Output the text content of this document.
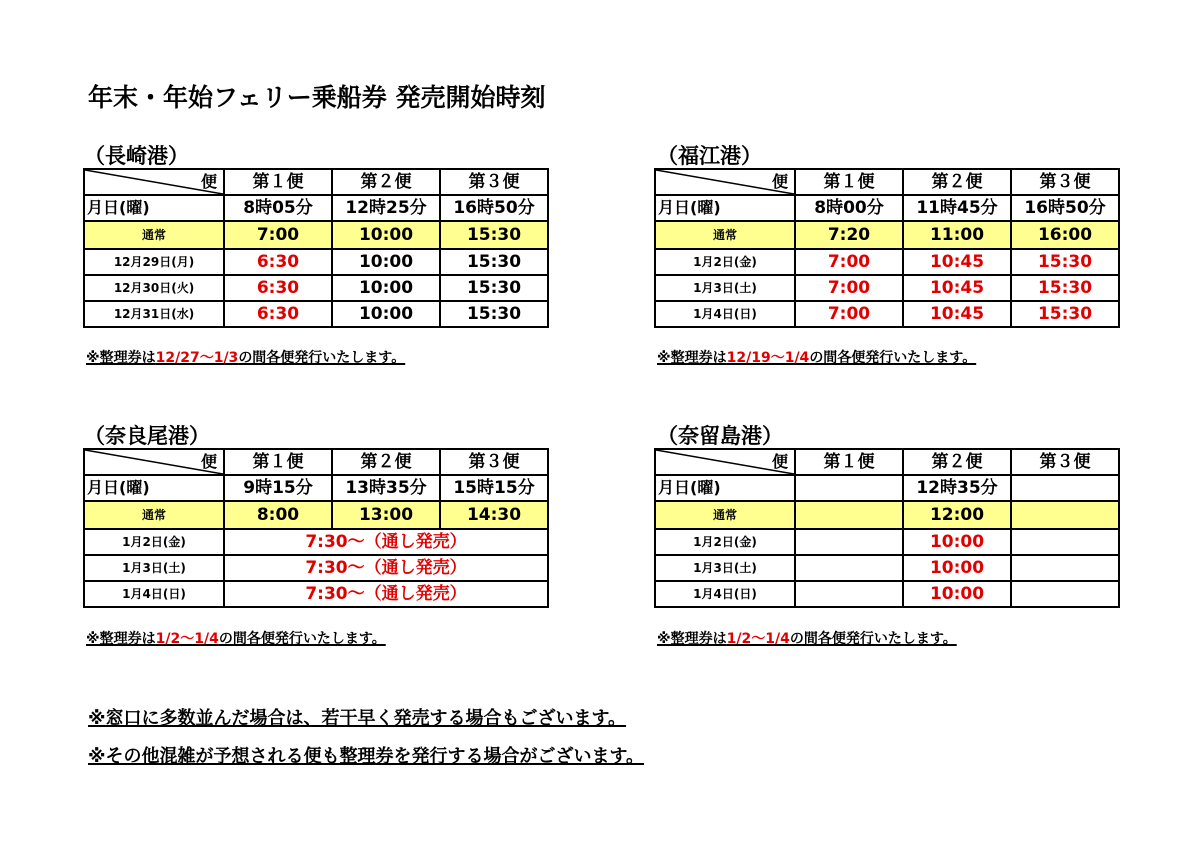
年末・年始フェリー乗船券 発売開始時刻
（長崎港）
便	第１便	第２便	第３便
月日(曜)	8時05分	12時25分	16時50分
通常	7:00	10:00	15:30
12月29日(月)	6:30	10:00	15:30
12月30日(火)	6:30	10:00	15:30
12月31日(水)	6:30	10:00	15:30
※整理券は12/27～1/3の間各便発行いたします。
（福江港）
便	第１便	第２便	第３便
月日(曜)	8時00分	11時45分	16時50分
通常	7:20	11:00	16:00
1月2日(金)	7:00	10:45	15:30
1月3日(土)	7:00	10:45	15:30
1月4日(日)	7:00	10:45	15:30
※整理券は12/19～1/4の間各便発行いたします。
（奈良尾港）
便	第１便	第２便	第３便
月日(曜)	9時15分	13時35分	15時15分
通常	8:00	13:00	14:30
1月2日(金)	7:30～（通し発売）		
1月3日(土)	7:30～（通し発売）		
1月4日(日)	7:30～（通し発売）		
※整理券は1/2～1/4の間各便発行いたします。
（奈留島港）
便	第１便	第２便	第３便
月日(曜)		12時35分	
通常		12:00	
1月2日(金)		10:00	
1月3日(土)		10:00	
1月4日(日)		10:00	
※整理券は1/2～1/4の間各便発行いたします。
※窓口に多数並んだ場合は、若干早く発売する場合もございます。
※その他混雑が予想される便も整理券を発行する場合がございます。
